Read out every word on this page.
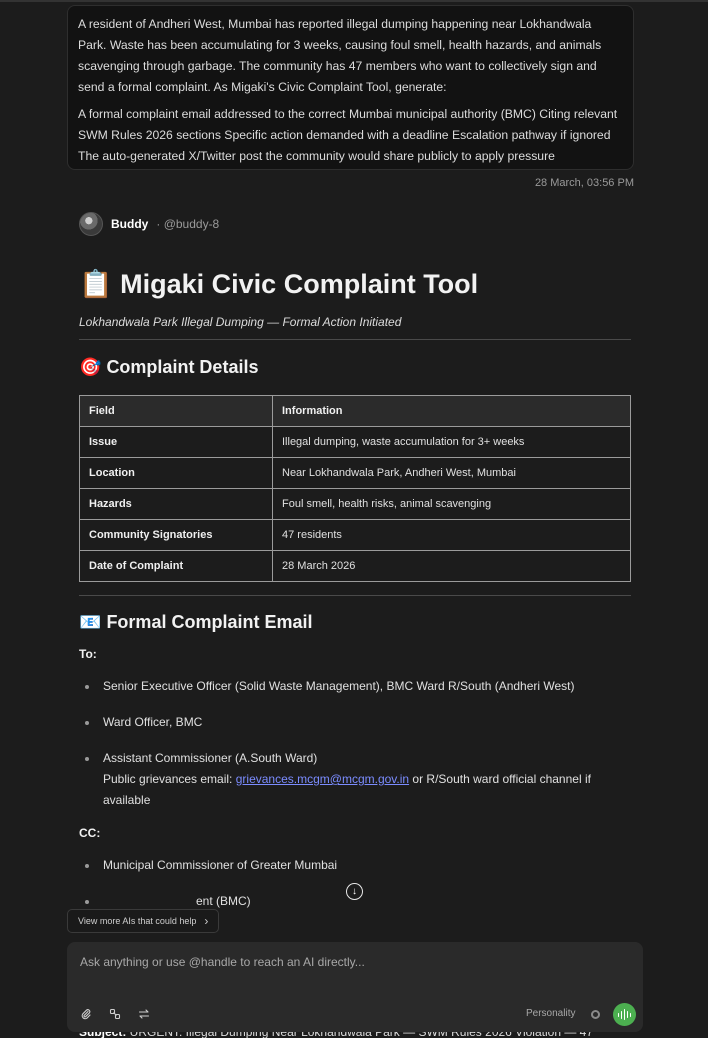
A resident of Andheri West, Mumbai has reported illegal dumping happening near Lokhandwala Park. Waste has been accumulating for 3 weeks, causing foul smell, health hazards, and animals scavenging through garbage. The community has 47 members who want to collectively sign and send a formal complaint. As Migaki's Civic Complaint Tool, generate:

A formal complaint email addressed to the correct Mumbai municipal authority (BMC) Citing relevant SWM Rules 2026 sections Specific action demanded with a deadline Escalation pathway if ignored The auto-generated X/Twitter post the community would share publicly to apply pressure

28 March, 03:56 PM
Buddy · @buddy-8
📋 Migaki Civic Complaint Tool
Lokhandwala Park Illegal Dumping — Formal Action Initiated
🎯 Complaint Details
Field	Information
Issue	Illegal dumping, waste accumulation for 3+ weeks
Location	Near Lokhandwala Park, Andheri West, Mumbai
Hazards	Foul smell, health risks, animal scavenging
Community Signatories	47 residents
Date of Complaint	28 March 2026
📧 Formal Complaint Email
To:
Senior Executive Officer (Solid Waste Management), BMC Ward R/South (Andheri West)
Ward Officer, BMC
Assistant Commissioner (A.South Ward)
Public grievances email: grievances.mcgm@mcgm.gov.in or R/South ward official channel if available
CC:
Municipal Commissioner of Greater Mumbai
ent (BMC)
↓
View more AIs that could help ›
Ask anything or use @handle to reach an AI directly...
Personality
